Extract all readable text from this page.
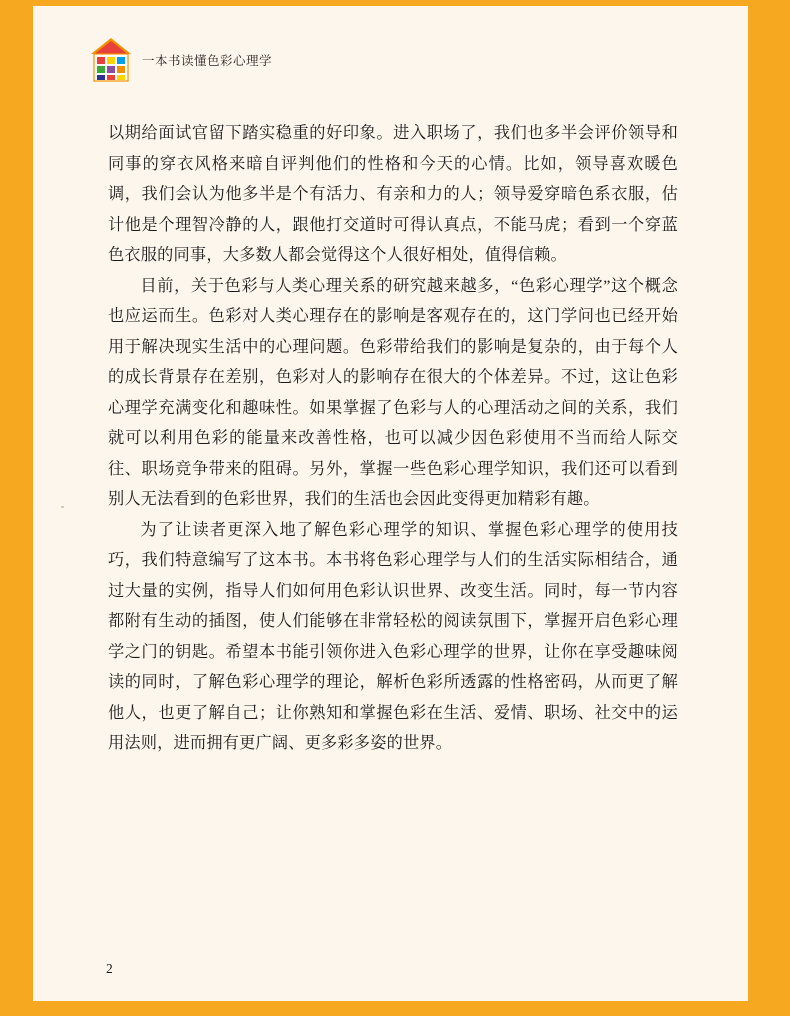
一本书读懂色彩心理学

以期给面试官留下踏实稳重的好印象。进入职场了，我们也多半会评价领导和同事的穿衣风格来暗自评判他们的性格和今天的心情。比如，领导喜欢暖色调，我们会认为他多半是个有活力、有亲和力的人；领导爱穿暗色系衣服，估计他是个理智冷静的人，跟他打交道时可得认真点，不能马虎；看到一个穿蓝色衣服的同事，大多数人都会觉得这个人很好相处，值得信赖。

目前，关于色彩与人类心理关系的研究越来越多，“色彩心理学”这个概念也应运而生。色彩对人类心理存在的影响是客观存在的，这门学问也已经开始用于解决现实生活中的心理问题。色彩带给我们的影响是复杂的，由于每个人的成长背景存在差别，色彩对人的影响存在很大的个体差异。不过，这让色彩心理学充满变化和趣味性。如果掌握了色彩与人的心理活动之间的关系，我们就可以利用色彩的能量来改善性格，也可以减少因色彩使用不当而给人际交往、职场竞争带来的阻碍。另外，掌握一些色彩心理学知识，我们还可以看到别人无法看到的色彩世界，我们的生活也会因此变得更加精彩有趣。

为了让读者更深入地了解色彩心理学的知识、掌握色彩心理学的使用技巧，我们特意编写了这本书。本书将色彩心理学与人们的生活实际相结合，通过大量的实例，指导人们如何用色彩认识世界、改变生活。同时，每一节内容都附有生动的插图，使人们能够在非常轻松的阅读氛围下，掌握开启色彩心理学之门的钥匙。希望本书能引领你进入色彩心理学的世界，让你在享受趣味阅读的同时，了解色彩心理学的理论，解析色彩所透露的性格密码，从而更了解他人，也更了解自己；让你熟知和掌握色彩在生活、爱情、职场、社交中的运用法则，进而拥有更广阔、更多彩多姿的世界。

2
